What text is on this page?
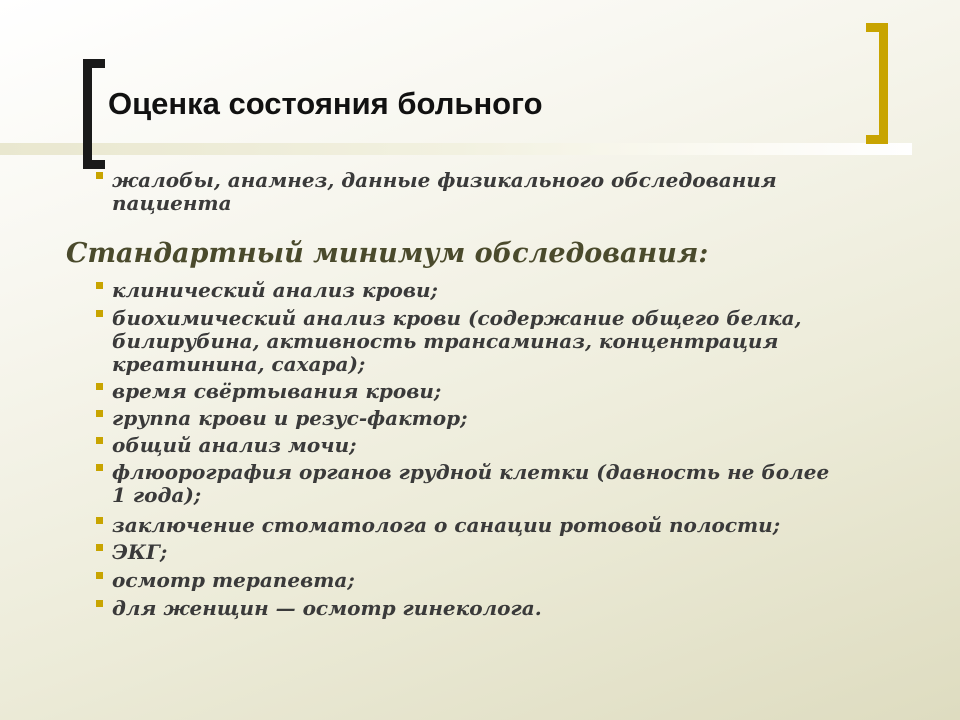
Оценка состояния больного
жалобы, анамнез, данные физикального обследования пациента
Стандартный минимум обследования:
клинический анализ крови;
биохимический анализ крови (содержание общего белка, билирубина, активность трансаминаз, концентрация креатинина, сахара);
время свёртывания крови;
группа крови и резус-фактор;
общий анализ мочи;
флюорография органов грудной клетки (давность не более 1 года);
заключение стоматолога о санации ротовой полости;
ЭКГ;
осмотр терапевта;
для женщин — осмотр гинеколога.
